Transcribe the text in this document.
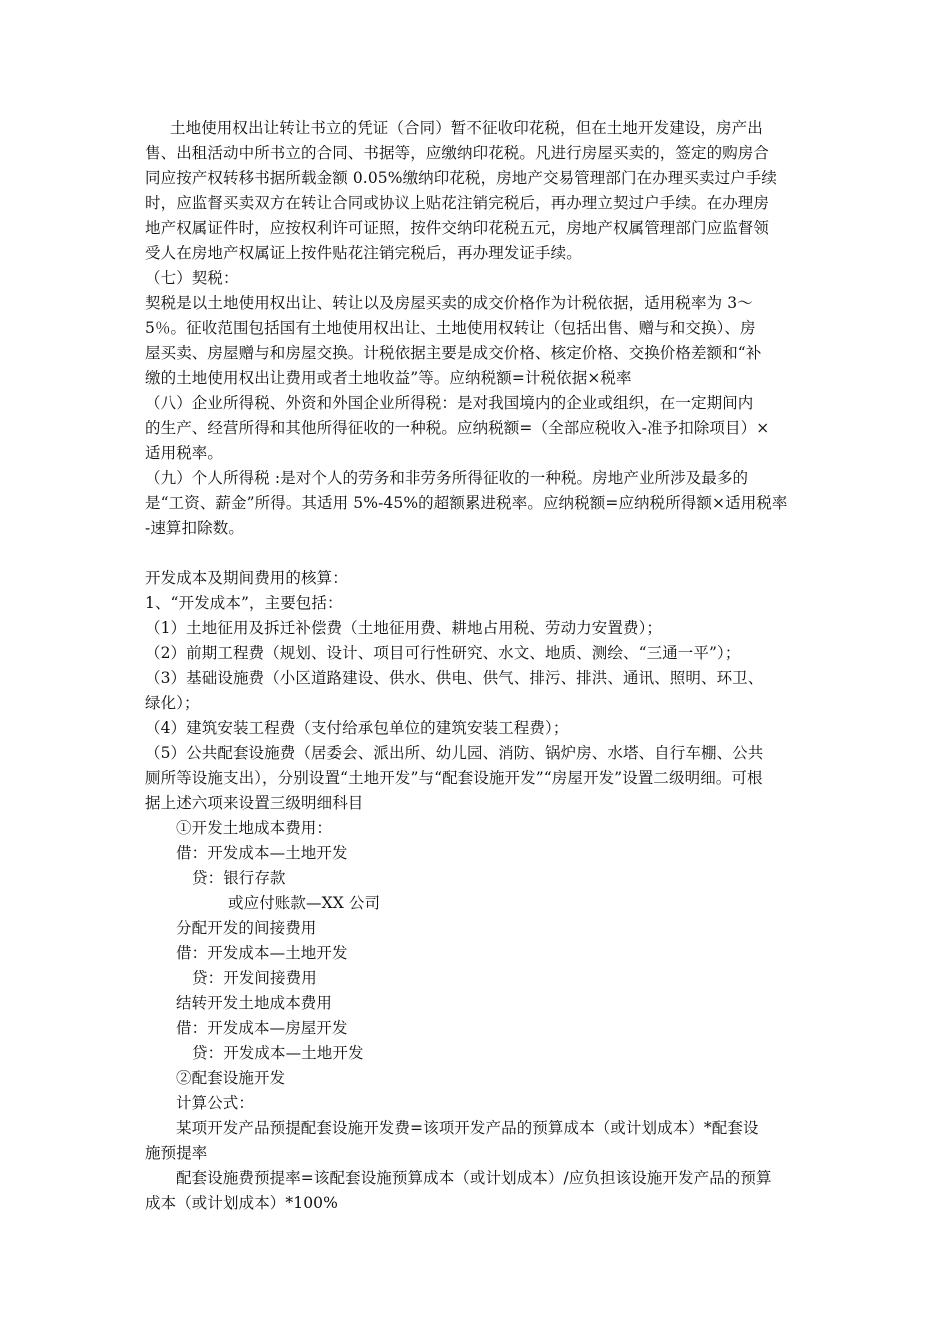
土地使用权出让转让书立的凭证（合同）暂不征收印花税，但在土地开发建设，房产出
售、出租活动中所书立的合同、书据等，应缴纳印花税。凡进行房屋买卖的，签定的购房合
同应按产权转移书据所载金额 0.05%缴纳印花税，房地产交易管理部门在办理买卖过户手续
时，应监督买卖双方在转让合同或协议上贴花注销完税后，再办理立契过户手续。在办理房
地产权属证件时，应按权利许可证照，按件交纳印花税五元，房地产权属管理部门应监督领
受人在房地产权属证上按件贴花注销完税后，再办理发证手续。
（七）契税：
契税是以土地使用权出让、转让以及房屋买卖的成交价格作为计税依据，适用税率为 3～
5％。征收范围包括国有土地使用权出让、土地使用权转让（包括出售、赠与和交换）、房
屋买卖、房屋赠与和房屋交换。计税依据主要是成交价格、核定价格、交换价格差额和“补
缴的土地使用权出让费用或者土地收益”等。应纳税额=计税依据×税率
（八）企业所得税、外资和外国企业所得税：是对我国境内的企业或组织，在一定期间内
的生产、经营所得和其他所得征收的一种税。应纳税额=（全部应税收入-准予扣除项目）×
适用税率。
（九）个人所得税 :是对个人的劳务和非劳务所得征收的一种税。房地产业所涉及最多的
是“工资、薪金”所得。其适用 5%-45%的超额累进税率。应纳税额=应纳税所得额×适用税率
-速算扣除数。
开发成本及期间费用的核算：
1、“开发成本”，主要包括：
（1）土地征用及拆迁补偿费（土地征用费、耕地占用税、劳动力安置费）；
（2）前期工程费（规划、设计、项目可行性研究、水文、地质、测绘、“三通一平”）；
（3）基础设施费（小区道路建设、供水、供电、供气、排污、排洪、通讯、照明、环卫、
绿化）；
（4）建筑安装工程费（支付给承包单位的建筑安装工程费）；
（5）公共配套设施费（居委会、派出所、幼儿园、消防、锅炉房、水塔、自行车棚、公共
厕所等设施支出），分别设置“土地开发”与“配套设施开发”“房屋开发”设置二级明细。可根
据上述六项来设置三级明细科目
①开发土地成本费用：
借：开发成本—土地开发
贷：银行存款
或应付账款—XX 公司
分配开发的间接费用
借：开发成本—土地开发
贷：开发间接费用
结转开发土地成本费用
借：开发成本—房屋开发
贷：开发成本—土地开发
②配套设施开发
计算公式：
某项开发产品预提配套设施开发费=该项开发产品的预算成本（或计划成本）*配套设
施预提率
配套设施费预提率=该配套设施预算成本（或计划成本）/应负担该设施开发产品的预算
成本（或计划成本）*100%
